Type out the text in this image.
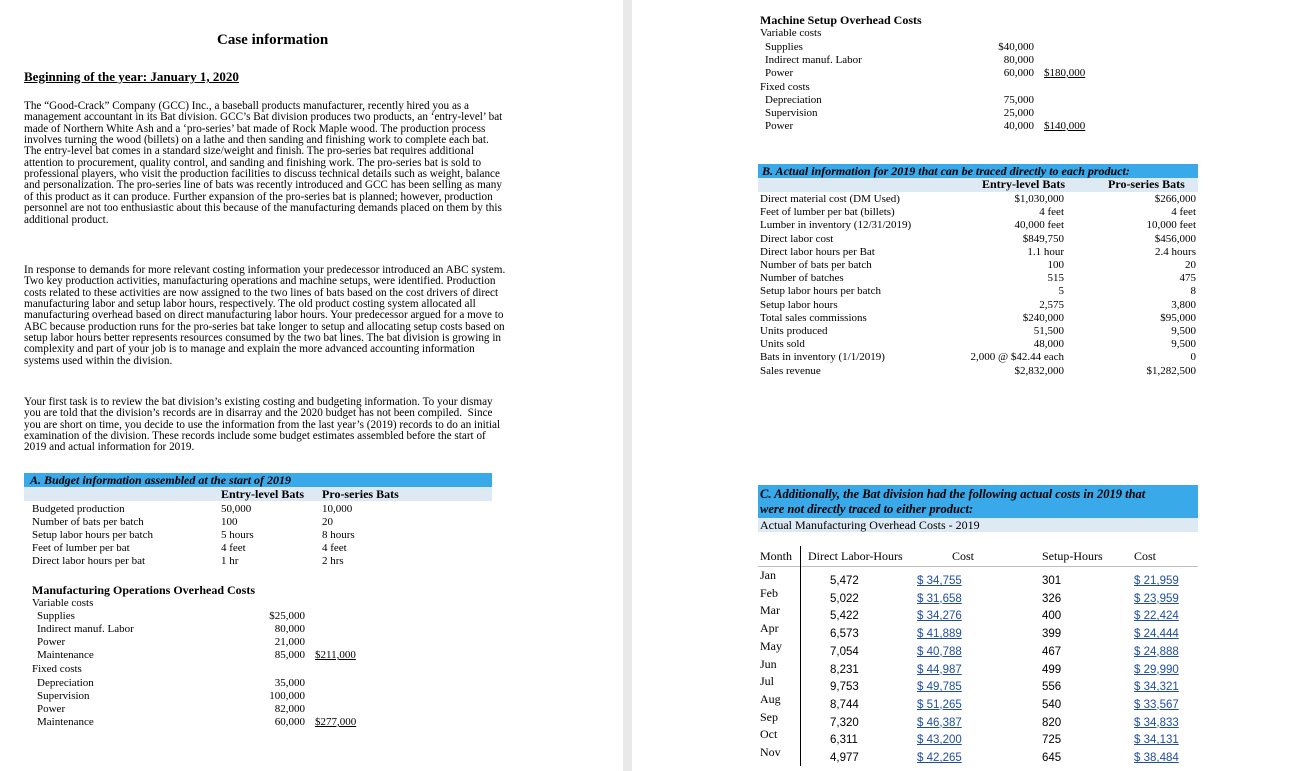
Case information
Beginning of the year: January 1, 2020
The “Good-Crack” Company (GCC) Inc., a baseball products manufacturer, recently hired you as a
management accountant in its Bat division. GCC’s Bat division produces two products, an ‘entry-level’ bat
made of Northern White Ash and a ‘pro-series’ bat made of Rock Maple wood. The production process
involves turning the wood (billets) on a lathe and then sanding and finishing work to complete each bat.
The entry-level bat comes in a standard size/weight and finish. The pro-series bat requires additional
attention to procurement, quality control, and sanding and finishing work. The pro-series bat is sold to
professional players, who visit the production facilities to discuss technical details such as weight, balance
and personalization. The pro-series line of bats was recently introduced and GCC has been selling as many
of this product as it can produce. Further expansion of the pro-series bat is planned; however, production
personnel are not too enthusiastic about this because of the manufacturing demands placed on them by this
additional product.
In response to demands for more relevant costing information your predecessor introduced an ABC system.
Two key production activities, manufacturing operations and machine setups, were identified. Production
costs related to these activities are now assigned to the two lines of bats based on the cost drivers of direct
manufacturing labor and setup labor hours, respectively. The old product costing system allocated all
manufacturing overhead based on direct manufacturing labor hours. Your predecessor argued for a move to
ABC because production runs for the pro-series bat take longer to setup and allocating setup costs based on
setup labor hours better represents resources consumed by the two bat lines. The bat division is growing in
complexity and part of your job is to manage and explain the more advanced accounting information
systems used within the division.
Your first task is to review the bat division’s existing costing and budgeting information. To your dismay
you are told that the division’s records are in disarray and the 2020 budget has not been compiled.  Since
you are short on time, you decide to use the information from the last year’s (2019) records to do an initial
examination of the division. These records include some budget estimates assembled before the start of
2019 and actual information for 2019.
A. Budget information assembled at the start of 2019
Entry-level Bats Pro-series Bats
Budgeted production	50,000	10,000
Number of bats per batch	100	20
Setup labor hours per batch	5 hours	8 hours
Feet of lumber per bat	4 feet	4 feet
Direct labor hours per bat	1 hr	2 hrs
Manufacturing Operations Overhead Costs
Variable costs
Supplies	$25,000
Indirect manuf. Labor	80,000
Power	21,000
Maintenance	85,000 $211,000
Fixed costs
Depreciation	35,000
Supervision	100,000
Power	82,000
Maintenance	60,000 $277,000
Machine Setup Overhead Costs
Variable costs
Supplies	$40,000
Indirect manuf. Labor	80,000
Power	60,000 $180,000
Fixed costs
Depreciation	75,000
Supervision	25,000
Power	40,000 $140,000
B. Actual information for 2019 that can be traced directly to each product:
Entry-level Bats	Pro-series Bats
Direct material cost (DM Used)	$1,030,000	$266,000
Feet of lumber per bat (billets)	4 feet	4 feet
Lumber in inventory (12/31/2019)	40,000 feet	10,000 feet
Direct labor cost	$849,750	$456,000
Direct labor hours per Bat	1.1 hour	2.4 hours
Number of bats per batch	100	20
Number of batches	515	475
Setup labor hours per batch	5	8
Setup labor hours	2,575	3,800
Total sales commissions	$240,000	$95,000
Units produced	51,500	9,500
Units sold	48,000	9,500
Bats in inventory (1/1/2019)	2,000 @ $42.44 each	0
Sales revenue	$2,832,000	$1,282,500
C. Additionally, the Bat division had the following actual costs in 2019 that
were not directly traced to either product:
Actual Manufacturing Overhead Costs - 2019
Month Direct Labor-Hours	Cost	Setup-Hours	Cost
Jan	5,472	$ 34,755	301	$ 21,959
Feb	5,022	$ 31,658	326	$ 23,959
Mar	5,422	$ 34,276	400	$ 22,424
Apr	6,573	$ 41,889	399	$ 24,444
May	7,054	$ 40,788	467	$ 24,888
Jun	8,231	$ 44,987	499	$ 29,990
Jul	9,753	$ 49,785	556	$ 34,321
Aug	8,744	$ 51,265	540	$ 33,567
Sep	7,320	$ 46,387	820	$ 34,833
Oct	6,311	$ 43,200	725	$ 34,131
Nov	4,977	$ 42,265	645	$ 38,484
